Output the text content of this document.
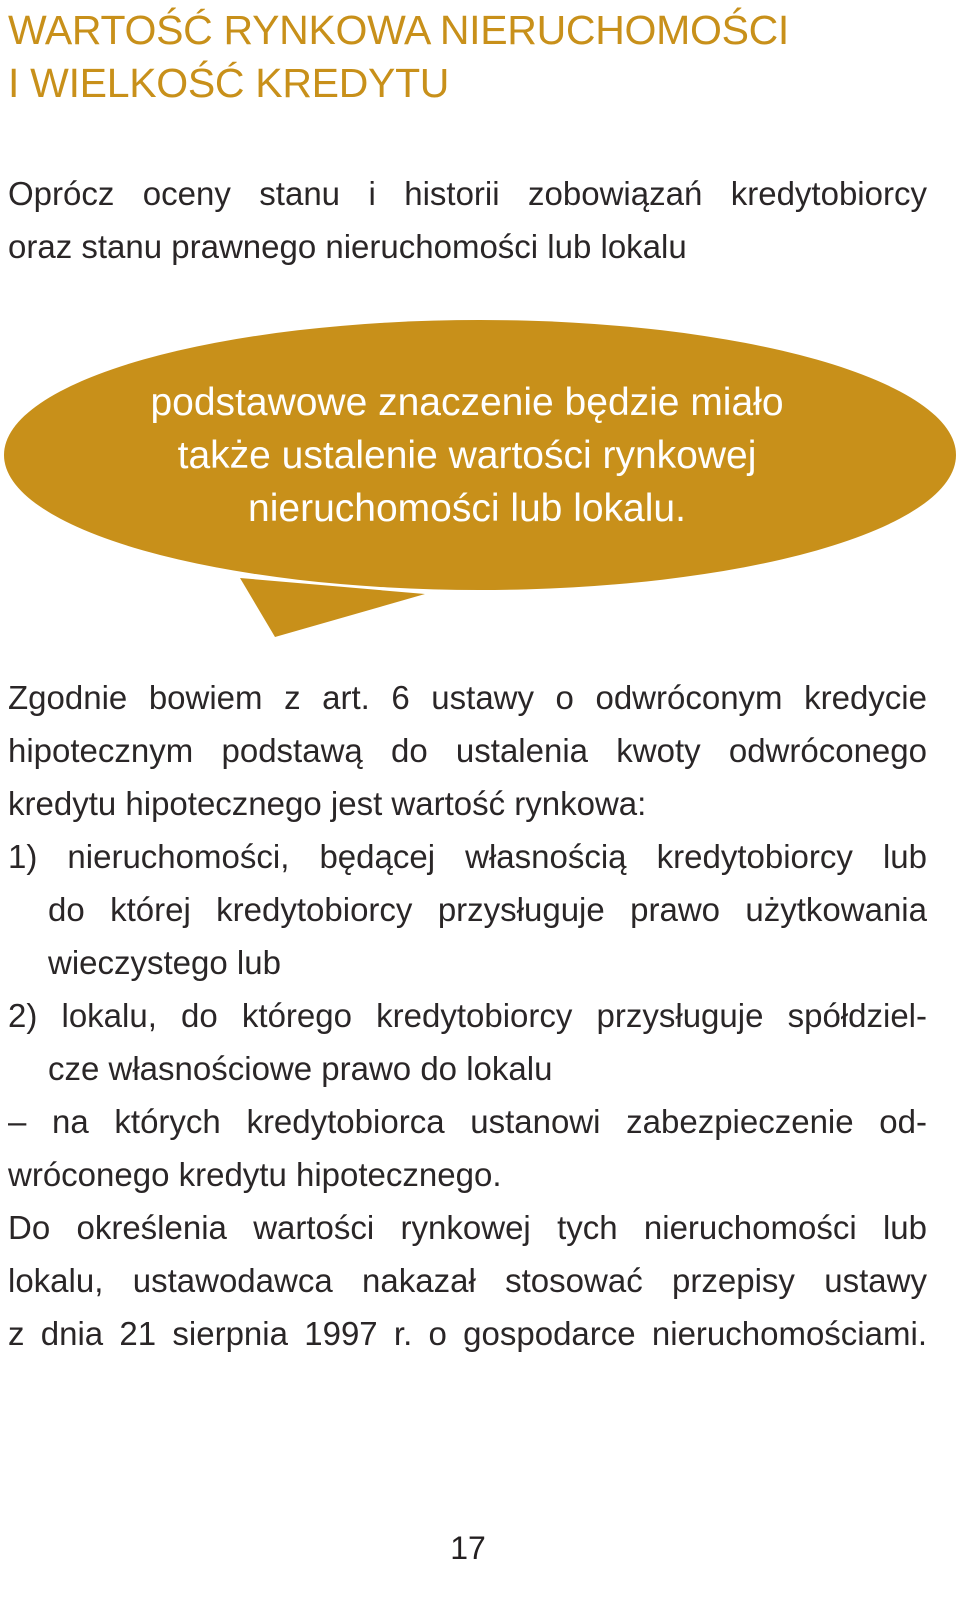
WARTOŚĆ RYNKOWA NIERUCHOMOŚCI
I WIELKOŚĆ KREDYTU
Oprócz oceny stanu i historii zobowiązań kredytobiorcy
oraz stanu prawnego nieruchomości lub lokalu
podstawowe znaczenie będzie miało
także ustalenie wartości rynkowej
nieruchomości lub lokalu.
Zgodnie bowiem z art. 6 ustawy o odwróconym kredycie
hipotecznym podstawą do ustalenia kwoty odwróconego
kredytu hipotecznego jest wartość rynkowa:
1) nieruchomości, będącej własnością kredytobiorcy lub
do której kredytobiorcy przysługuje prawo użytkowania
wieczystego lub
2) lokalu, do którego kredytobiorcy przysługuje spółdziel-
cze własnościowe prawo do lokalu
– na których kredytobiorca ustanowi zabezpieczenie od-
wróconego kredytu hipotecznego.
Do określenia wartości rynkowej tych nieruchomości lub
lokalu, ustawodawca nakazał stosować przepisy ustawy
z dnia 21 sierpnia 1997 r. o gospodarce nieruchomościami.
17
